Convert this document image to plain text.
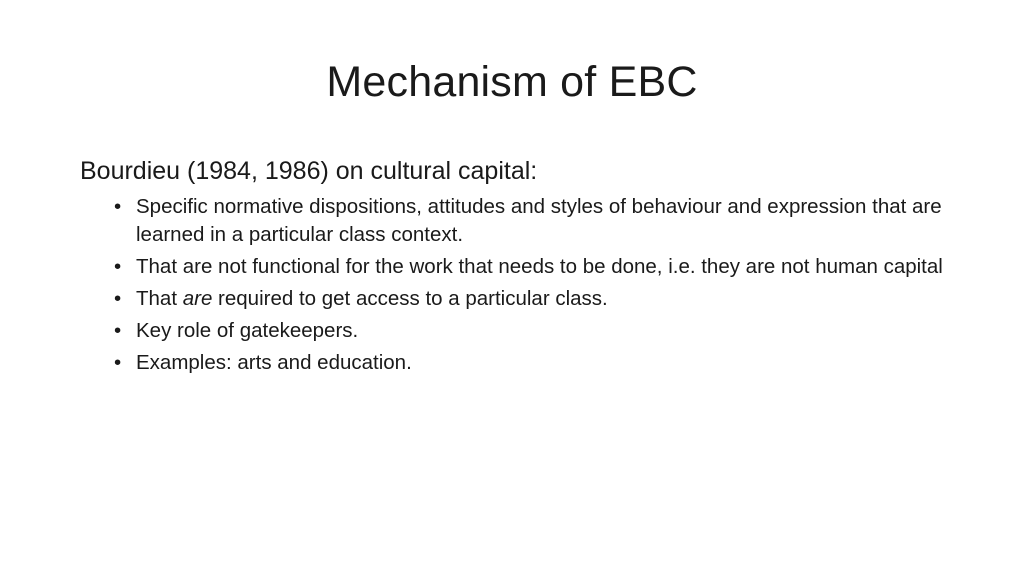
Mechanism of EBC
Bourdieu (1984, 1986) on cultural capital:
• Specific normative dispositions, attitudes and styles of behaviour and expression that are learned in a particular class context.
• That are not functional for the work that needs to be done, i.e. they are not human capital
• That are required to get access to a particular class.
• Key role of gatekeepers.
• Examples: arts and education.
